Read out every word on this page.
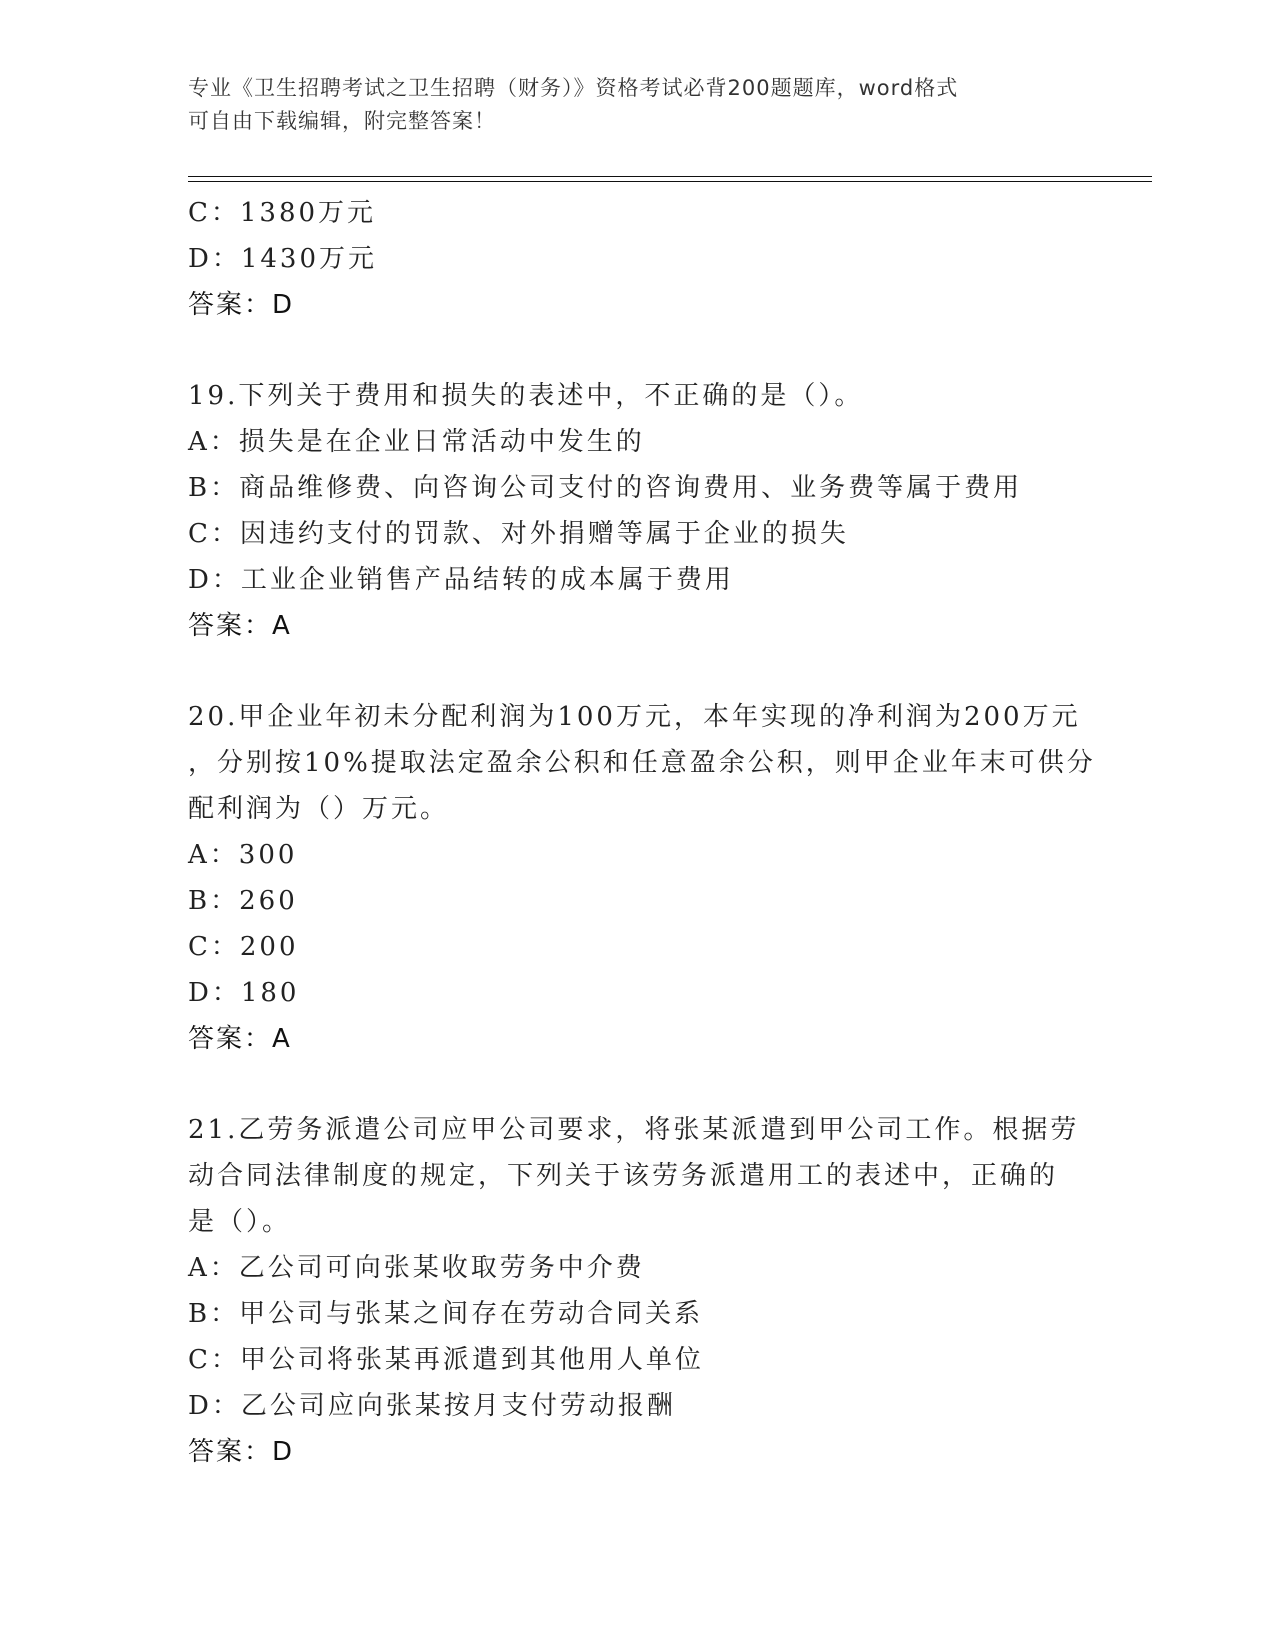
专业《卫生招聘考试之卫生招聘（财务）》资格考试必背200题题库，word格式
可自由下载编辑，附完整答案！
C：1380万元
D：1430万元
答案：D
19.下列关于费用和损失的表述中，不正确的是（）。
A：损失是在企业日常活动中发生的
B：商品维修费、向咨询公司支付的咨询费用、业务费等属于费用
C：因违约支付的罚款、对外捐赠等属于企业的损失
D：工业企业销售产品结转的成本属于费用
答案：A
20.甲企业年初未分配利润为100万元，本年实现的净利润为200万元
，分别按10%提取法定盈余公积和任意盈余公积，则甲企业年末可供分
配利润为（）万元。
A：300
B：260
C：200
D：180
答案：A
21.乙劳务派遣公司应甲公司要求，将张某派遣到甲公司工作。根据劳
动合同法律制度的规定，下列关于该劳务派遣用工的表述中，正确的
是（）。
A：乙公司可向张某收取劳务中介费
B：甲公司与张某之间存在劳动合同关系
C：甲公司将张某再派遣到其他用人单位
D：乙公司应向张某按月支付劳动报酬
答案：D
